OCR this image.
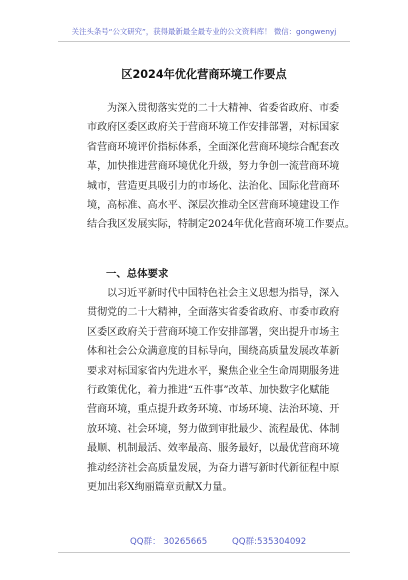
关注头条号“公文研究”，获得最新最全最专业的公文资料库！ 微信：gongwenyj
区2024年优化营商环境工作要点
为深入贯彻落实党的二十大精神、省委省政府、市委
市政府区委区政府关于营商环境工作安排部署，对标国家
省营商环境评价指标体系，全面深化营商环境综合配套改
革，加快推进营商环境优化升级，努力争创一流营商环境
城市，营造更具吸引力的市场化、法治化、国际化营商环
境，高标准、高水平、深层次推动全区营商环境建设工作
结合我区发展实际，特制定2024年优化营商环境工作要点。
一、总体要求
以习近平新时代中国特色社会主义思想为指导，深入
贯彻党的二十大精神，全面落实省委省政府、市委市政府
区委区政府关于营商环境工作安排部署，突出提升市场主
体和社会公众满意度的目标导向，围绕高质量发展改革新
要求对标国家省内先进水平，聚焦企业全生命周期服务进
行政策优化，着力推进“五件事”改革、加快数字化赋能
营商环境，重点提升政务环境、市场环境、法治环境、开
放环境、社会环境，努力做到审批最少、流程最优、体制
最顺、机制最活、效率最高、服务最好，以最优营商环境
推动经济社会高质量发展，为奋力谱写新时代新征程中原
更加出彩X绚丽篇章贡献X力量。
QQ群： 30265665	QQ群:535304092
